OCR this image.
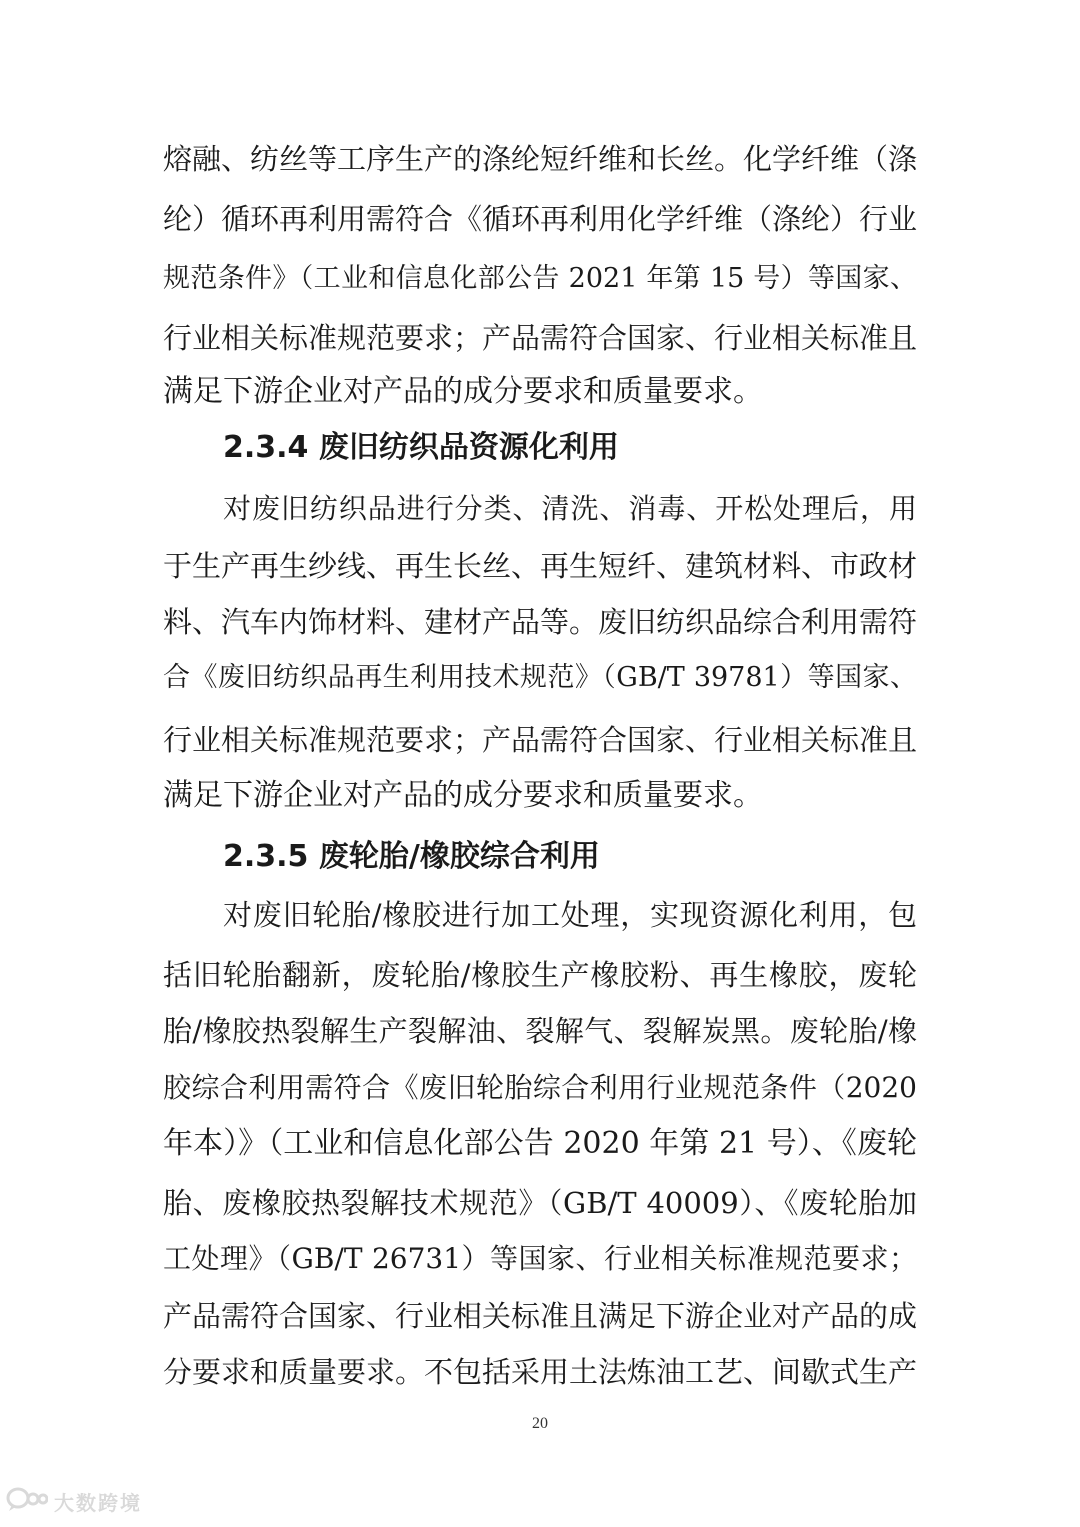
熔融、纺丝等工序生产的涤纶短纤维和长丝。化学纤维（涤
纶）循环再利用需符合《循环再利用化学纤维（涤纶）行业
规范条件》（工业和信息化部公告 2021 年第 15 号）等国家、
行业相关标准规范要求；产品需符合国家、行业相关标准且
满足下游企业对产品的成分要求和质量要求。
2.3.4 废旧纺织品资源化利用
对废旧纺织品进行分类、清洗、消毒、开松处理后，用
于生产再生纱线、再生长丝、再生短纤、建筑材料、市政材
料、汽车内饰材料、建材产品等。废旧纺织品综合利用需符
合《废旧纺织品再生利用技术规范》（GB/T 39781）等国家、
行业相关标准规范要求；产品需符合国家、行业相关标准且
满足下游企业对产品的成分要求和质量要求。
2.3.5 废轮胎/橡胶综合利用
对废旧轮胎/橡胶进行加工处理，实现资源化利用，包
括旧轮胎翻新，废轮胎/橡胶生产橡胶粉、再生橡胶，废轮
胎/橡胶热裂解生产裂解油、裂解气、裂解炭黑。废轮胎/橡
胶综合利用需符合《废旧轮胎综合利用行业规范条件（2020
年本）》（工业和信息化部公告 2020 年第 21 号）、《废轮
胎、废橡胶热裂解技术规范》（GB/T 40009）、《废轮胎加
工处理》（GB/T 26731）等国家、行业相关标准规范要求；
产品需符合国家、行业相关标准且满足下游企业对产品的成
分要求和质量要求。不包括采用土法炼油工艺、间歇式生产
20
大数跨境
